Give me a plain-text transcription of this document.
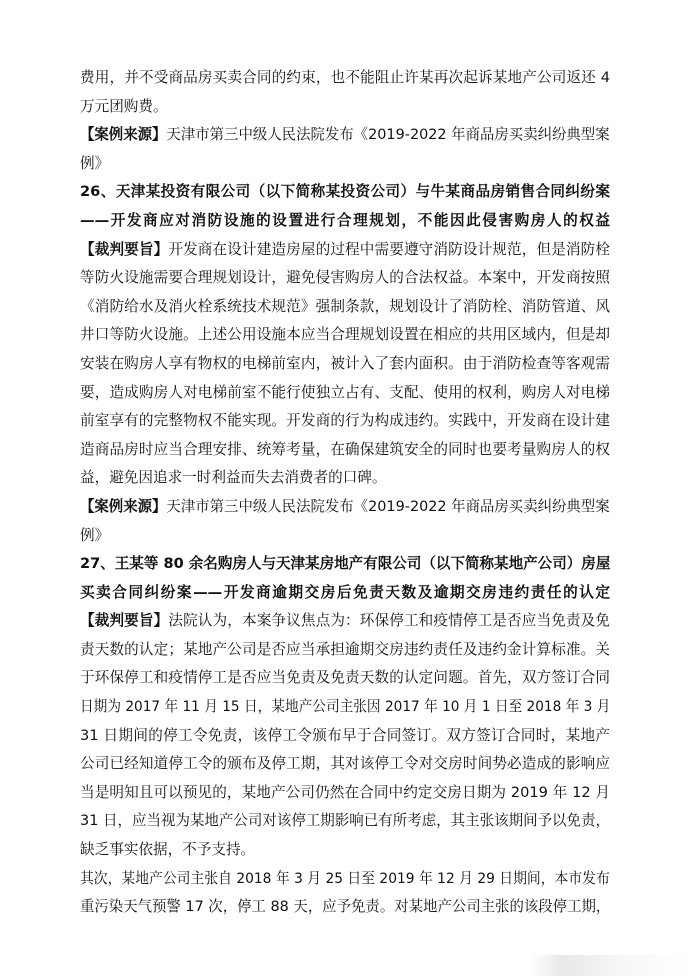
费用，并不受商品房买卖合同的约束，也不能阻止许某再次起诉某地产公司返还 4
万元团购费。
【案例来源】天津市第三中级人民法院发布《2019-2022 年商品房买卖纠纷典型案
例》
26、天津某投资有限公司（以下简称某投资公司）与牛某商品房销售合同纠纷案
——开发商应对消防设施的设置进行合理规划，不能因此侵害购房人的权益
【裁判要旨】开发商在设计建造房屋的过程中需要遵守消防设计规范，但是消防栓
等防火设施需要合理规划设计，避免侵害购房人的合法权益。本案中，开发商按照
《消防给水及消火栓系统技术规范》强制条款，规划设计了消防栓、消防管道、风
井口等防火设施。上述公用设施本应当合理规划设置在相应的共用区域内，但是却
安装在购房人享有物权的电梯前室内，被计入了套内面积。由于消防检查等客观需
要，造成购房人对电梯前室不能行使独立占有、支配、使用的权利，购房人对电梯
前室享有的完整物权不能实现。开发商的行为构成违约。实践中，开发商在设计建
造商品房时应当合理安排、统筹考量，在确保建筑安全的同时也要考量购房人的权
益，避免因追求一时利益而失去消费者的口碑。
【案例来源】天津市第三中级人民法院发布《2019-2022 年商品房买卖纠纷典型案
例》
27、王某等 80 余名购房人与天津某房地产有限公司（以下简称某地产公司）房屋
买卖合同纠纷案——开发商逾期交房后免责天数及逾期交房违约责任的认定
【裁判要旨】法院认为，本案争议焦点为：环保停工和疫情停工是否应当免责及免
责天数的认定；某地产公司是否应当承担逾期交房违约责任及违约金计算标准。关
于环保停工和疫情停工是否应当免责及免责天数的认定问题。首先，双方签订合同
日期为 2017 年 11 月 15 日，某地产公司主张因 2017 年 10 月 1 日至 2018 年 3 月
31 日期间的停工令免责，该停工令颁布早于合同签订。双方签订合同时，某地产
公司已经知道停工令的颁布及停工期，其对该停工令对交房时间势必造成的影响应
当是明知且可以预见的，某地产公司仍然在合同中约定交房日期为 2019 年 12 月
31 日，应当视为某地产公司对该停工期影响已有所考虑，其主张该期间予以免责，
缺乏事实依据，不予支持。
其次，某地产公司主张自 2018 年 3 月 25 日至 2019 年 12 月 29 日期间，本市发布
重污染天气预警 17 次，停工 88 天，应予免责。对某地产公司主张的该段停工期，
